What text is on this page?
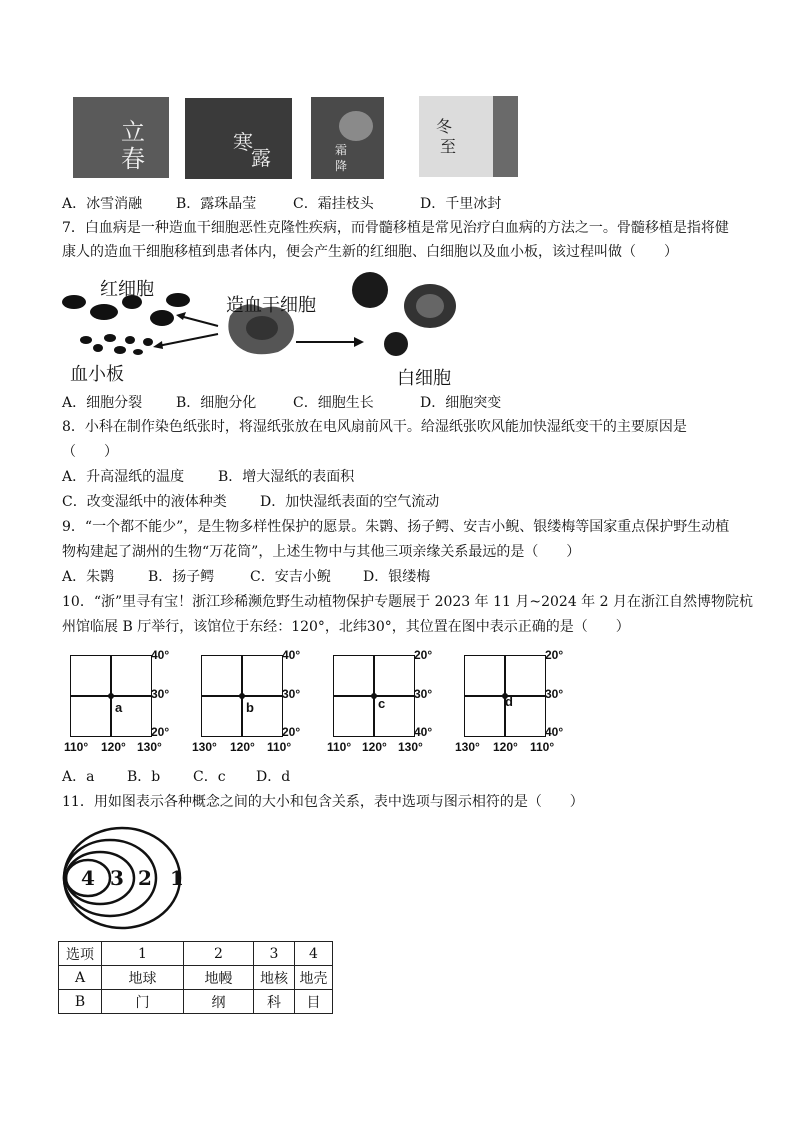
立
春
寒
露	霜
降
冬
至
A．冰雪消融 B．露珠晶莹	C．霜挂枝头	D．千里冰封
7．白血病是一种造血干细胞恶性克隆性疾病，而骨髓移植是常见治疗白血病的方法之一。骨髓移植是指将健
康人的造血干细胞移植到患者体内，便会产生新的红细胞、白细胞以及血小板，该过程叫做（　　）
红细胞
造血干细胞
血小板	白细胞
A．细胞分裂 B．细胞分化	C．细胞生长	D．细胞突变
8．小科在制作染色纸张时，将湿纸张放在电风扇前风干。给湿纸张吹风能加快湿纸变干的主要原因是
（　　）
A．升高湿纸的温度 B．增大湿纸的表面积
C．改变湿纸中的液体种类 D．加快湿纸表面的空气流动
9．“一个都不能少”，是生物多样性保护的愿景。朱鹮、扬子鳄、安吉小鲵、银缕梅等国家重点保护野生动植
物构建起了湖州的生物“万花筒”，上述生物中与其他三项亲缘关系最远的是（　　）
A．朱鹮 B．扬子鳄	C．安吉小鲵 D．银缕梅
10．“浙”里寻有宝！浙江珍稀濒危野生动植物保护专题展于 2023 年 11 月~2024 年 2 月在浙江自然博物院杭
州馆临展 B 厅举行，该馆位于东经：120°，北纬30°，其位置在图中表示正确的是（　　）
a
40°
30°
20°
110° 120° 130°
b
40°
30°
20°
130° 120° 110°
c
20°
30°
40°
110° 120° 130°
d
20°
30°
40°
130° 120° 110°
A．a B．b C．c D．d
11．用如图表示各种概念之间的大小和包含关系，表中选项与图示相符的是（　　）
4 3 2 1
选项	1	2	3	4
A	地球	地幔	地核	地壳
B	门	纲	科	目
